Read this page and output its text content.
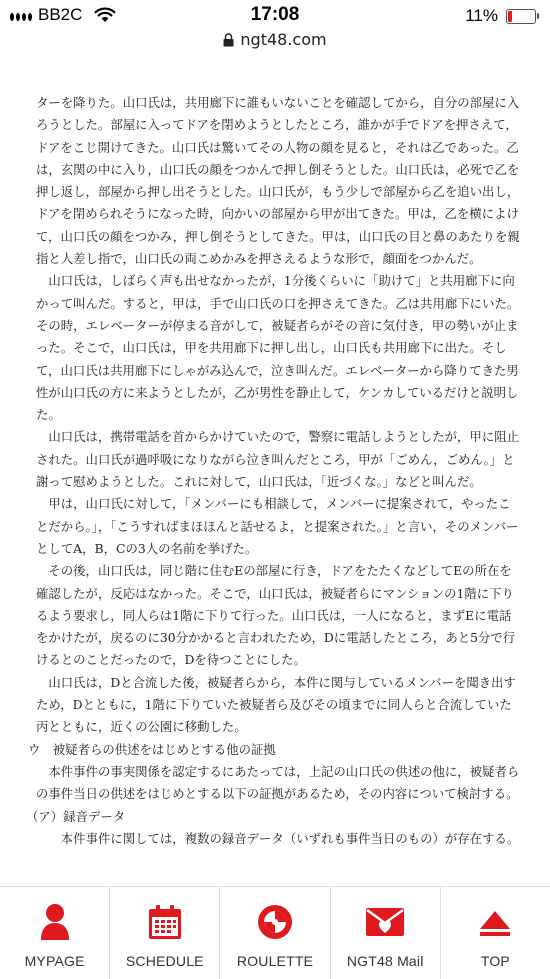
BB2C	17:08	11%
ngt48.com

ターを降りた。山口氏は，共用廊下に誰もいないことを確認してから，自分の部屋に入ろうとした。部屋に入ってドアを閉めようとしたところ，誰かが手でドアを押さえて，ドアをこじ開けてきた。山口氏は驚いてその人物の顔を見ると，それは乙であった。乙は，玄関の中に入り，山口氏の顔をつかんで押し倒そうとした。山口氏は，必死で乙を押し返し，部屋から押し出そうとした。山口氏が，もう少しで部屋から乙を追い出し，ドアを閉められそうになった時，向かいの部屋から甲が出てきた。甲は，乙を横によけて，山口氏の顔をつかみ，押し倒そうとしてきた。甲は，山口氏の目と鼻のあたりを親指と人差し指で，山口氏の両こめかみを押さえるような形で，顔面をつかんだ。

山口氏は，しばらく声も出せなかったが，1分後くらいに「助けて」と共用廊下に向かって叫んだ。すると，甲は，手で山口氏の口を押さえてきた。乙は共用廊下にいた。その時，エレベーターが停まる音がして，被疑者らがその音に気付き，甲の勢いが止まった。そこで，山口氏は，甲を共用廊下に押し出し，山口氏も共用廊下に出た。そして，山口氏は共用廊下にしゃがみ込んで，泣き叫んだ。エレベーターから降りてきた男性が山口氏の方に来ようとしたが，乙が男性を静止して，ケンカしているだけと説明した。

山口氏は，携帯電話を首からかけていたので，警察に電話しようとしたが，甲に阻止された。山口氏が過呼吸になりながら泣き叫んだところ，甲が「ごめん，ごめん。」と謝って慰めようとした。これに対して，山口氏は，「近づくな。」などと叫んだ。

甲は，山口氏に対して，「メンバーにも相談して，メンバーに提案されて，やったことだから。」，「こうすればまほほんと話せるよ，と提案された。」と言い，そのメンバーとしてA，B，Cの3人の名前を挙げた。

その後，山口氏は，同じ階に住むEの部屋に行き，ドアをたたくなどしてEの所在を確認したが，反応はなかった。そこで，山口氏は，被疑者らにマンションの1階に下りるよう要求し，同人らは1階に下りて行った。山口氏は，一人になると，まずEに電話をかけたが，戻るのに30分かかると言われたため，Dに電話したところ，あと5分で行けるとのことだったので，Dを待つことにした。

山口氏は，Dと合流した後，被疑者らから，本件に関与しているメンバーを聞き出すため，Dとともに，1階に下りていた被疑者ら及びその頃までに同人らと合流していた丙とともに，近くの公園に移動した。

ウ　被疑者らの供述をはじめとする他の証拠

本件事件の事実関係を認定するにあたっては，上記の山口氏の供述の他に，被疑者らの事件当日の供述をはじめとする以下の証拠があるため，その内容について検討する。

（ア）録音データ

本件事件に関しては，複数の録音データ（いずれも事件当日のもの）が存在する。

MYPAGE	SCHEDULE ROULETTE NGT48 Mail	TOP
